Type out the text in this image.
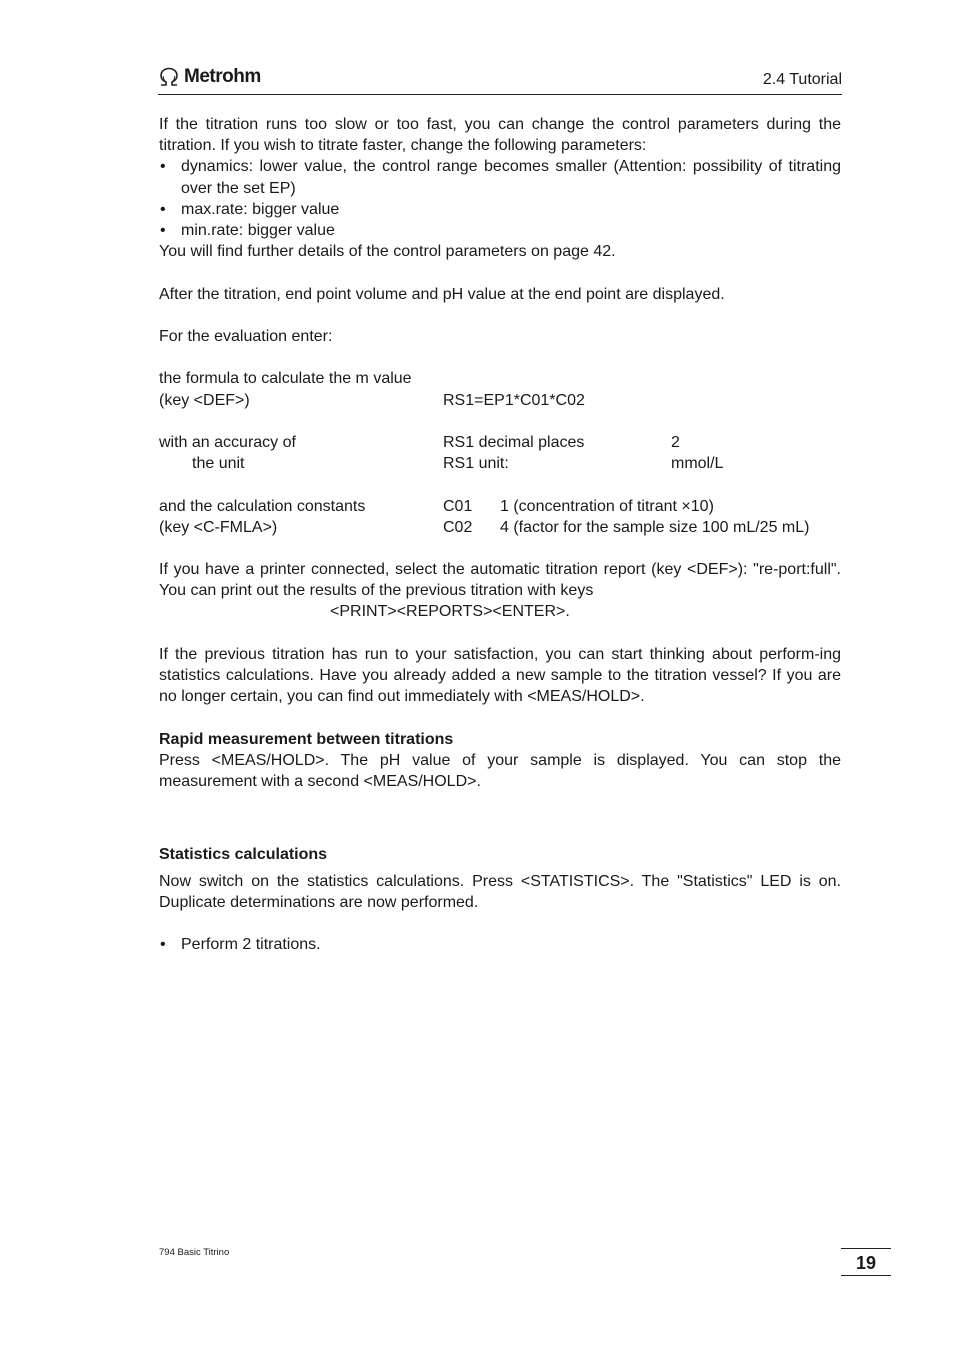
Metrohm	2.4 Tutorial

If the titration runs too slow or too fast, you can change the control parameters during the titration. If you wish to titrate faster, change the following parameters:

• dynamics: lower value, the control range becomes smaller (Attention: possibility of titrating over the set EP)

• max.rate: bigger value

• min.rate: bigger value

You will find further details of the control parameters on page 42.

After the titration, end point volume and pH value at the end point are displayed.

For the evaluation enter:

the formula to calculate the m value
(key <DEF>)	RS1=EP1*C01*C02
with an accuracy of	RS1 decimal places	2
the unit	RS1 unit:	mmol/L
and the calculation constants	C01 1 (concentration of titrant ×10)
(key <C-FMLA>)	C02 4 (factor for the sample size 100 mL/25 mL)

If you have a printer connected, select the automatic titration report (key <DEF>): "re-port:full". You can print out the results of the previous titration with keys

<PRINT><REPORTS><ENTER>.

If the previous titration has run to your satisfaction, you can start thinking about perform-ing statistics calculations. Have you already added a new sample to the titration vessel? If you are no longer certain, you can find out immediately with <MEAS/HOLD>.

Rapid measurement between titrations

Press <MEAS/HOLD>. The pH value of your sample is displayed. You can stop the measurement with a second <MEAS/HOLD>.

Statistics calculations

Now switch on the statistics calculations. Press <STATISTICS>. The "Statistics" LED is on. Duplicate determinations are now performed.

• Perform 2 titrations.

794 Basic Titrino
19
